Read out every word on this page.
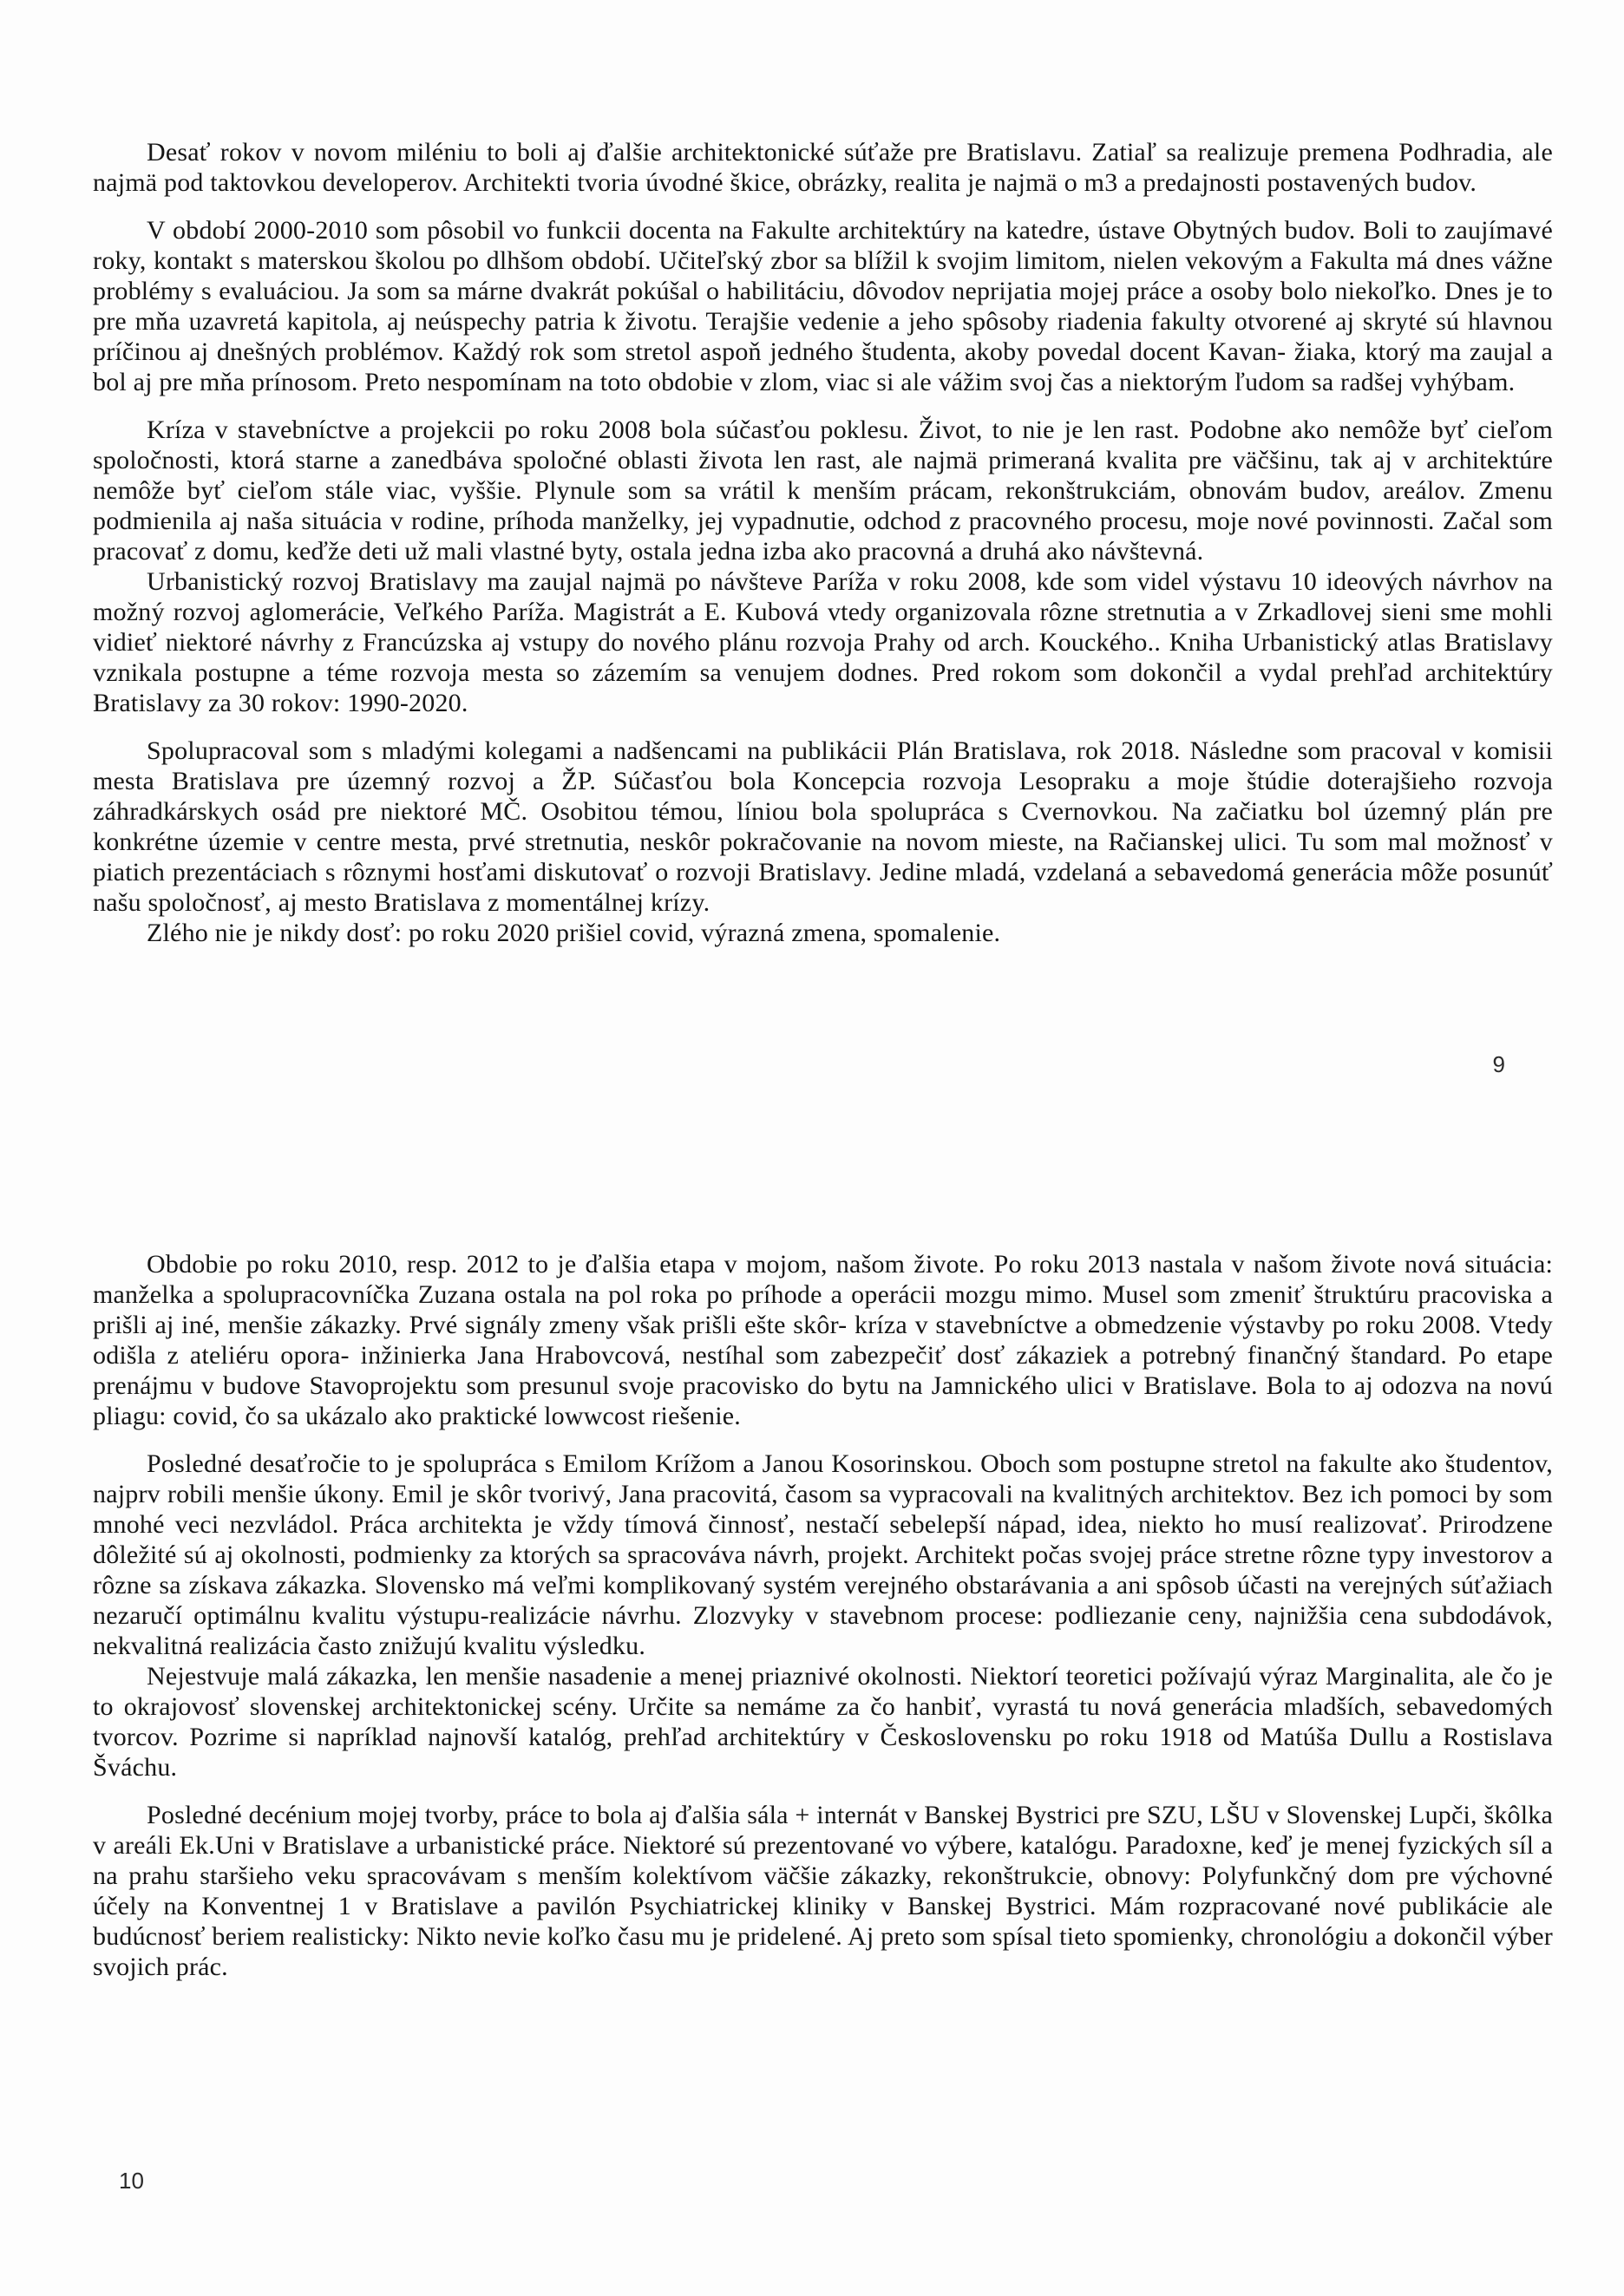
Desať rokov v novom miléniu to boli aj ďalšie architektonické súťaže pre Bratislavu. Zatiaľ sa realizuje premena Podhradia, ale najmä pod taktovkou developerov. Architekti tvoria úvodné škice, obrázky, realita je najmä o m3 a predajnosti postavených budov.

V období 2000-2010 som pôsobil vo funkcii docenta na Fakulte architektúry na katedre, ústave Obytných budov. Boli to zaujímavé roky, kontakt s materskou školou po dlhšom období. Učiteľský zbor sa blížil k svojim limitom, nielen vekovým a Fakulta má dnes vážne problémy s evaluáciou. Ja som sa márne dvakrát pokúšal o habilitáciu, dôvodov neprijatia mojej práce a osoby bolo niekoľko. Dnes je to pre mňa uzavretá kapitola, aj neúspechy patria k životu. Terajšie vedenie a jeho spôsoby riadenia fakulty otvorené aj skryté sú hlavnou príčinou aj dnešných problémov. Každý rok som stretol aspoň jedného študenta, akoby povedal docent Kavan- žiaka, ktorý ma zaujal a bol aj pre mňa prínosom. Preto nespomínam na toto obdobie v zlom, viac si ale vážim svoj čas a niektorým ľudom sa radšej vyhýbam.

Kríza v stavebníctve a projekcii po roku 2008 bola súčasťou poklesu. Život, to nie je len rast. Podobne ako nemôže byť cieľom spoločnosti, ktorá starne a zanedbáva spoločné oblasti života len rast, ale najmä primeraná kvalita pre väčšinu, tak aj v architektúre nemôže byť cieľom stále viac, vyššie. Plynule som sa vrátil k menším prácam, rekonštrukciám, obnovám budov, areálov. Zmenu podmienila aj naša situácia v rodine, príhoda manželky, jej vypadnutie, odchod z pracovného procesu, moje nové povinnosti. Začal som pracovať z domu, keďže deti už mali vlastné byty, ostala jedna izba ako pracovná a druhá ako návštevná.

Urbanistický rozvoj Bratislavy ma zaujal najmä po návšteve Paríža v roku 2008, kde som videl výstavu 10 ideových návrhov na možný rozvoj aglomerácie, Veľkého Paríža. Magistrát a E. Kubová vtedy organizovala rôzne stretnutia a v Zrkadlovej sieni sme mohli vidieť niektoré návrhy z Francúzska aj vstupy do nového plánu rozvoja Prahy od arch. Kouckého.. Kniha Urbanistický atlas Bratislavy vznikala postupne a téme rozvoja mesta so zázemím sa venujem dodnes. Pred rokom som dokončil a vydal prehľad architektúry Bratislavy za 30 rokov: 1990-2020.

Spolupracoval som s mladými kolegami a nadšencami na publikácii Plán Bratislava, rok 2018. Následne som pracoval v komisii mesta Bratislava pre územný rozvoj a ŽP. Súčasťou bola Koncepcia rozvoja Lesopraku a moje štúdie doterajšieho rozvoja záhradkárskych osád pre niektoré MČ. Osobitou témou, líniou bola spolupráca s Cvernovkou. Na začiatku bol územný plán pre konkrétne územie v centre mesta, prvé stretnutia, neskôr pokračovanie na novom mieste, na Račianskej ulici. Tu som mal možnosť v piatich prezentáciach s rôznymi hosťami diskutovať o rozvoji Bratislavy. Jedine mladá, vzdelaná a sebavedomá generácia môže posunúť našu spoločnosť, aj mesto Bratislava z momentálnej krízy.

Zlého nie je nikdy dosť: po roku 2020 prišiel covid, výrazná zmena, spomalenie.

9

Obdobie po roku 2010, resp. 2012 to je ďalšia etapa v mojom, našom živote. Po roku 2013 nastala v našom živote nová situácia: manželka a spolupracovníčka Zuzana ostala na pol roka po príhode a operácii mozgu mimo. Musel som zmeniť štruktúru pracoviska a prišli aj iné, menšie zákazky. Prvé signály zmeny však prišli ešte skôr- kríza v stavebníctve a obmedzenie výstavby po roku 2008. Vtedy odišla z ateliéru opora- inžinierka Jana Hrabovcová, nestíhal som zabezpečiť dosť zákaziek a potrebný finančný štandard. Po etape prenájmu v budove Stavoprojektu som presunul svoje pracovisko do bytu na Jamnického ulici v Bratislave. Bola to aj odozva na novú pliagu: covid, čo sa ukázalo ako praktické lowwcost riešenie.

Posledné desaťročie to je spolupráca s Emilom Krížom a Janou Kosorinskou. Oboch som postupne stretol na fakulte ako študentov, najprv robili menšie úkony. Emil je skôr tvorivý, Jana pracovitá, časom sa vypracovali na kvalitných architektov. Bez ich pomoci by som mnohé veci nezvládol. Práca architekta je vždy tímová činnosť, nestačí sebelepší nápad, idea, niekto ho musí realizovať. Prirodzene dôležité sú aj okolnosti, podmienky za ktorých sa spracováva návrh, projekt. Architekt počas svojej práce stretne rôzne typy investorov a rôzne sa získava zákazka. Slovensko má veľmi komplikovaný systém verejného obstarávania a ani spôsob účasti na verejných súťažiach nezaručí optimálnu kvalitu výstupu-realizácie návrhu. Zlozvyky v stavebnom procese: podliezanie ceny, najnižšia cena subdodávok, nekvalitná realizácia často znižujú kvalitu výsledku.

Nejestvuje malá zákazka, len menšie nasadenie a menej priaznivé okolnosti. Niektorí teoretici požívajú výraz Marginalita, ale čo je to okrajovosť slovenskej architektonickej scény. Určite sa nemáme za čo hanbiť, vyrastá tu nová generácia mladších, sebavedomých tvorcov. Pozrime si napríklad najnovší katalóg, prehľad architektúry v Československu po roku 1918 od Matúša Dullu a Rostislava Šváchu.

Posledné decénium mojej tvorby, práce to bola aj ďalšia sála + internát v Banskej Bystrici pre SZU, LŠU v Slovenskej Lupči, škôlka v areáli Ek.Uni v Bratislave a urbanistické práce. Niektoré sú prezentované vo výbere, katalógu. Paradoxne, keď je menej fyzických síl a na prahu staršieho veku spracovávam s menším kolektívom väčšie zákazky, rekonštrukcie, obnovy: Polyfunkčný dom pre výchovné účely na Konventnej 1 v Bratislave a pavilón Psychiatrickej kliniky v Banskej Bystrici. Mám rozpracované nové publikácie ale budúcnosť beriem realisticky: Nikto nevie koľko času mu je pridelené. Aj preto som spísal tieto spomienky, chronológiu a dokončil výber svojich prác.

10
